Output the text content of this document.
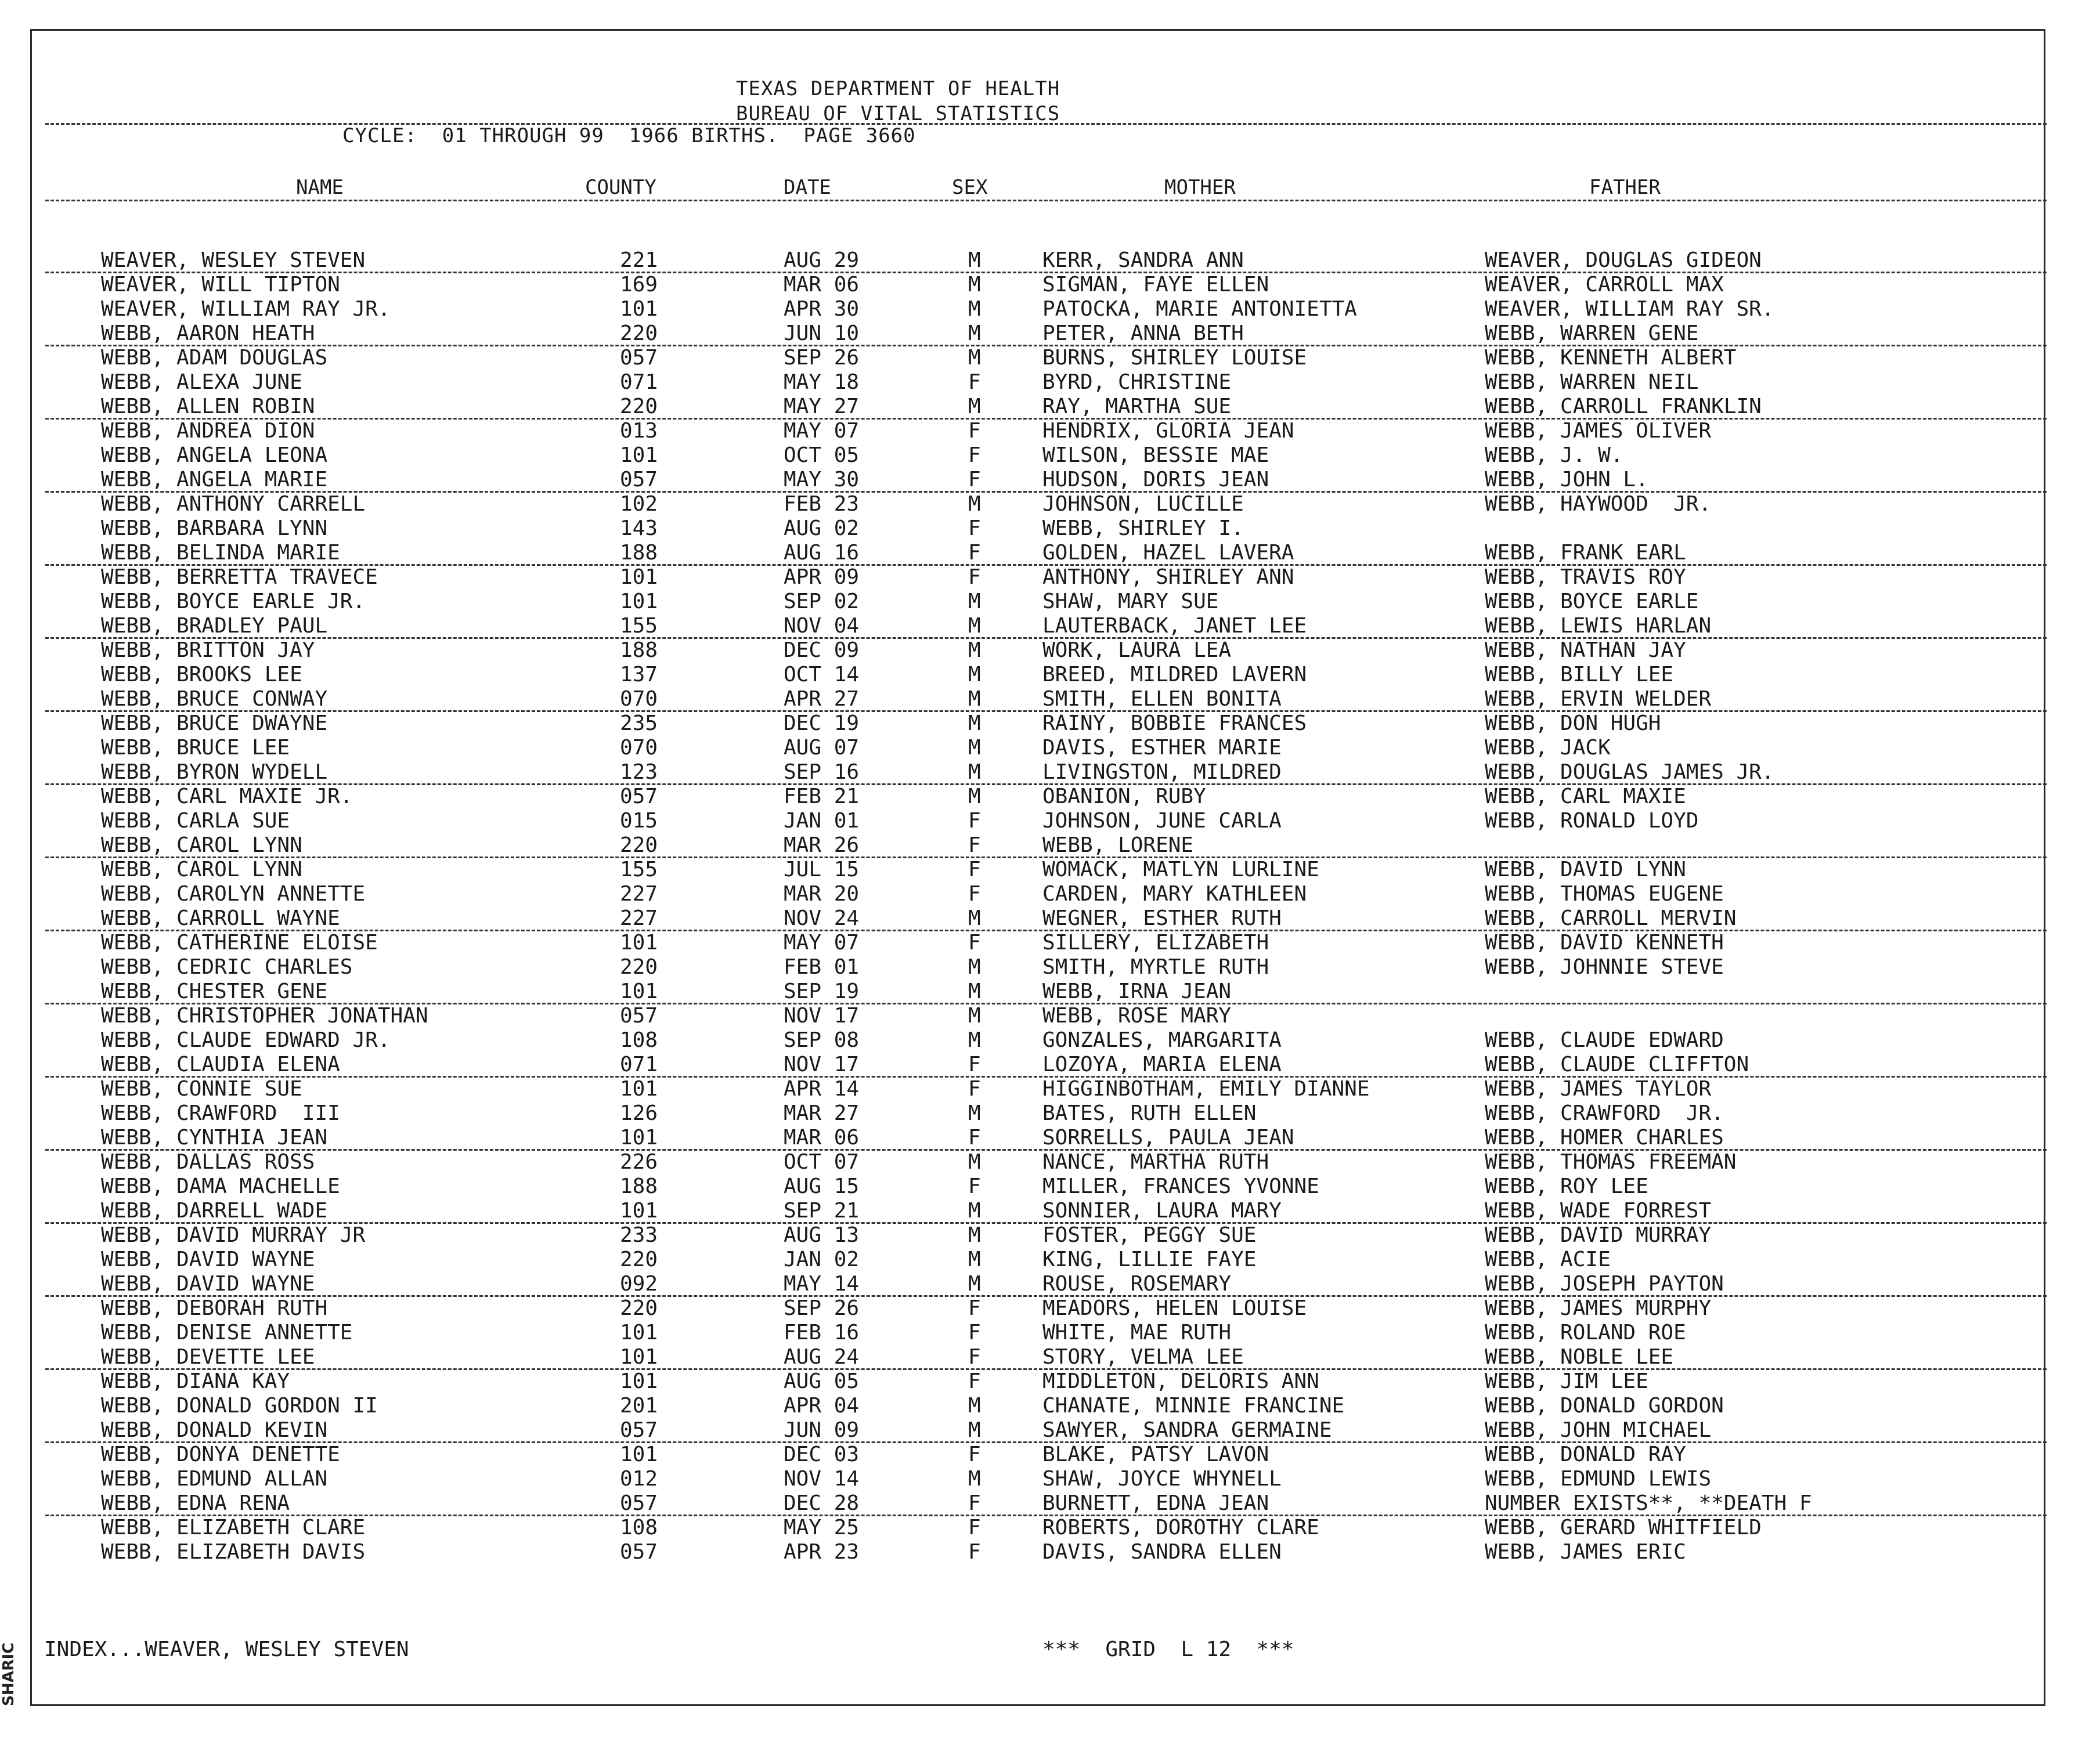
SHARIC
TEXAS DEPARTMENT OF HEALTH
BUREAU OF VITAL STATISTICS
CYCLE:  01 THROUGH 99  1966 BIRTHS.  PAGE 3660
NAME	COUNTY	DATE	SEX	MOTHER	FATHER
WEAVER, WESLEY STEVEN	221	AUG 29	M	KERR, SANDRA ANN	WEAVER, DOUGLAS GIDEON
WEAVER, WILL TIPTON	169	MAR 06	M	SIGMAN, FAYE ELLEN	WEAVER, CARROLL MAX
WEAVER, WILLIAM RAY JR.	101	APR 30	M	PATOCKA, MARIE ANTONIETTA	WEAVER, WILLIAM RAY SR.
WEBB, AARON HEATH	220	JUN 10	M	PETER, ANNA BETH	WEBB, WARREN GENE
WEBB, ADAM DOUGLAS	057	SEP 26	M	BURNS, SHIRLEY LOUISE	WEBB, KENNETH ALBERT
WEBB, ALEXA JUNE	071	MAY 18	F	BYRD, CHRISTINE	WEBB, WARREN NEIL
WEBB, ALLEN ROBIN	220	MAY 27	M	RAY, MARTHA SUE	WEBB, CARROLL FRANKLIN
WEBB, ANDREA DION	013	MAY 07	F	HENDRIX, GLORIA JEAN	WEBB, JAMES OLIVER
WEBB, ANGELA LEONA	101	OCT 05	F	WILSON, BESSIE MAE	WEBB, J. W.
WEBB, ANGELA MARIE	057	MAY 30	F	HUDSON, DORIS JEAN	WEBB, JOHN L.
WEBB, ANTHONY CARRELL	102	FEB 23	M	JOHNSON, LUCILLE	WEBB, HAYWOOD  JR.
WEBB, BARBARA LYNN	143	AUG 02	F	WEBB, SHIRLEY I.
WEBB, BELINDA MARIE	188	AUG 16	F	GOLDEN, HAZEL LAVERA	WEBB, FRANK EARL
WEBB, BERRETTA TRAVECE	101	APR 09	F	ANTHONY, SHIRLEY ANN	WEBB, TRAVIS ROY
WEBB, BOYCE EARLE JR.	101	SEP 02	M	SHAW, MARY SUE	WEBB, BOYCE EARLE
WEBB, BRADLEY PAUL	155	NOV 04	M	LAUTERBACK, JANET LEE	WEBB, LEWIS HARLAN
WEBB, BRITTON JAY	188	DEC 09	M	WORK, LAURA LEA	WEBB, NATHAN JAY
WEBB, BROOKS LEE	137	OCT 14	M	BREED, MILDRED LAVERN	WEBB, BILLY LEE
WEBB, BRUCE CONWAY	070	APR 27	M	SMITH, ELLEN BONITA	WEBB, ERVIN WELDER
WEBB, BRUCE DWAYNE	235	DEC 19	M	RAINY, BOBBIE FRANCES	WEBB, DON HUGH
WEBB, BRUCE LEE	070	AUG 07	M	DAVIS, ESTHER MARIE	WEBB, JACK
WEBB, BYRON WYDELL	123	SEP 16	M	LIVINGSTON, MILDRED	WEBB, DOUGLAS JAMES JR.
WEBB, CARL MAXIE JR.	057	FEB 21	M	OBANION, RUBY	WEBB, CARL MAXIE
WEBB, CARLA SUE	015	JAN 01	F	JOHNSON, JUNE CARLA	WEBB, RONALD LOYD
WEBB, CAROL LYNN	220	MAR 26	F	WEBB, LORENE
WEBB, CAROL LYNN	155	JUL 15	F	WOMACK, MATLYN LURLINE	WEBB, DAVID LYNN
WEBB, CAROLYN ANNETTE	227	MAR 20	F	CARDEN, MARY KATHLEEN	WEBB, THOMAS EUGENE
WEBB, CARROLL WAYNE	227	NOV 24	M	WEGNER, ESTHER RUTH	WEBB, CARROLL MERVIN
WEBB, CATHERINE ELOISE	101	MAY 07	F	SILLERY, ELIZABETH	WEBB, DAVID KENNETH
WEBB, CEDRIC CHARLES	220	FEB 01	M	SMITH, MYRTLE RUTH	WEBB, JOHNNIE STEVE
WEBB, CHESTER GENE	101	SEP 19	M	WEBB, IRNA JEAN
WEBB, CHRISTOPHER JONATHAN	057	NOV 17	M	WEBB, ROSE MARY
WEBB, CLAUDE EDWARD JR.	108	SEP 08	M	GONZALES, MARGARITA	WEBB, CLAUDE EDWARD
WEBB, CLAUDIA ELENA	071	NOV 17	F	LOZOYA, MARIA ELENA	WEBB, CLAUDE CLIFFTON
WEBB, CONNIE SUE	101	APR 14	F	HIGGINBOTHAM, EMILY DIANNE	WEBB, JAMES TAYLOR
WEBB, CRAWFORD  III	126	MAR 27	M	BATES, RUTH ELLEN	WEBB, CRAWFORD  JR.
WEBB, CYNTHIA JEAN	101	MAR 06	F	SORRELLS, PAULA JEAN	WEBB, HOMER CHARLES
WEBB, DALLAS ROSS	226	OCT 07	M	NANCE, MARTHA RUTH	WEBB, THOMAS FREEMAN
WEBB, DAMA MACHELLE	188	AUG 15	F	MILLER, FRANCES YVONNE	WEBB, ROY LEE
WEBB, DARRELL WADE	101	SEP 21	M	SONNIER, LAURA MARY	WEBB, WADE FORREST
WEBB, DAVID MURRAY JR	233	AUG 13	M	FOSTER, PEGGY SUE	WEBB, DAVID MURRAY
WEBB, DAVID WAYNE	220	JAN 02	M	KING, LILLIE FAYE	WEBB, ACIE
WEBB, DAVID WAYNE	092	MAY 14	M	ROUSE, ROSEMARY	WEBB, JOSEPH PAYTON
WEBB, DEBORAH RUTH	220	SEP 26	F	MEADORS, HELEN LOUISE	WEBB, JAMES MURPHY
WEBB, DENISE ANNETTE	101	FEB 16	F	WHITE, MAE RUTH	WEBB, ROLAND ROE
WEBB, DEVETTE LEE	101	AUG 24	F	STORY, VELMA LEE	WEBB, NOBLE LEE
WEBB, DIANA KAY	101	AUG 05	F	MIDDLETON, DELORIS ANN	WEBB, JIM LEE
WEBB, DONALD GORDON II	201	APR 04	M	CHANATE, MINNIE FRANCINE	WEBB, DONALD GORDON
WEBB, DONALD KEVIN	057	JUN 09	M	SAWYER, SANDRA GERMAINE	WEBB, JOHN MICHAEL
WEBB, DONYA DENETTE	101	DEC 03	F	BLAKE, PATSY LAVON	WEBB, DONALD RAY
WEBB, EDMUND ALLAN	012	NOV 14	M	SHAW, JOYCE WHYNELL	WEBB, EDMUND LEWIS
WEBB, EDNA RENA	057	DEC 28	F	BURNETT, EDNA JEAN	NUMBER EXISTS**, **DEATH F
WEBB, ELIZABETH CLARE	108	MAY 25	F	ROBERTS, DOROTHY CLARE	WEBB, GERARD WHITFIELD
WEBB, ELIZABETH DAVIS	057	APR 23	F	DAVIS, SANDRA ELLEN	WEBB, JAMES ERIC
INDEX...WEAVER, WESLEY STEVEN	***  GRID  L 12  ***
